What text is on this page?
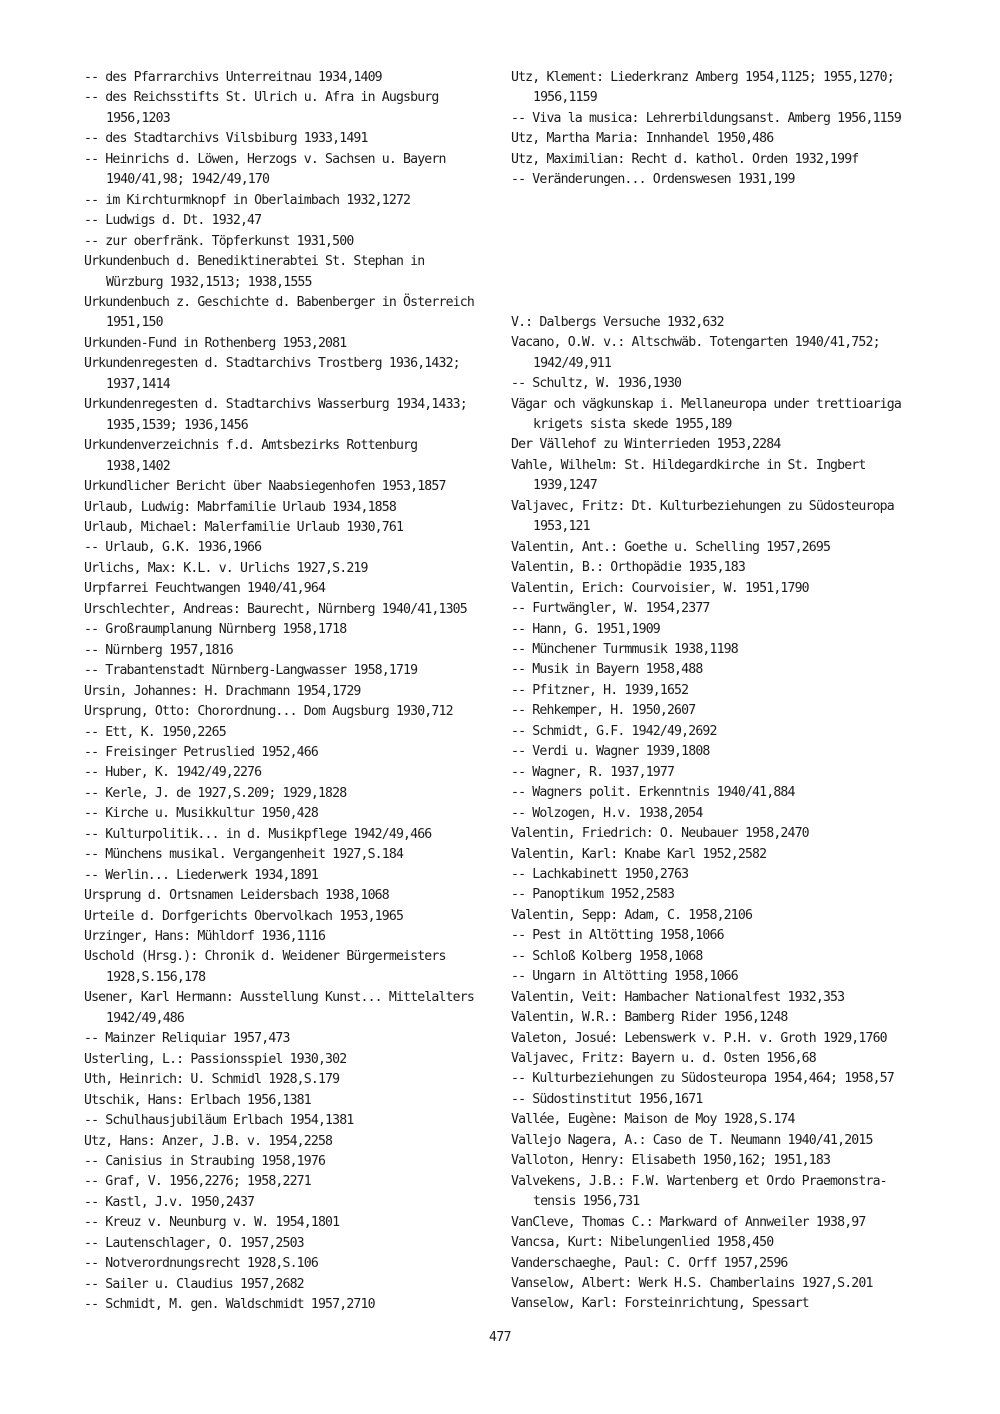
-- des Pfarrarchivs Unterreitnau 1934,1409
-- des Reichsstifts St. Ulrich u. Afra in Augsburg
1956,1203
-- des Stadtarchivs Vilsbiburg 1933,1491
-- Heinrichs d. Löwen, Herzogs v. Sachsen u. Bayern
1940/41,98; 1942/49,170
-- im Kirchturmknopf in Oberlaimbach 1932,1272
-- Ludwigs d. Dt. 1932,47
-- zur oberfränk. Töpferkunst 1931,500
Urkundenbuch d. Benediktinerabtei St. Stephan in
Würzburg 1932,1513; 1938,1555
Urkundenbuch z. Geschichte d. Babenberger in Österreich
1951,150
Urkunden-Fund in Rothenberg 1953,2081
Urkundenregesten d. Stadtarchivs Trostberg 1936,1432;
1937,1414
Urkundenregesten d. Stadtarchivs Wasserburg 1934,1433;
1935,1539; 1936,1456
Urkundenverzeichnis f.d. Amtsbezirks Rottenburg
1938,1402
Urkundlicher Bericht über Naabsiegenhofen 1953,1857
Urlaub, Ludwig: Mabrfamilie Urlaub 1934,1858
Urlaub, Michael: Malerfamilie Urlaub 1930,761
-- Urlaub, G.K. 1936,1966
Urlichs, Max: K.L. v. Urlichs 1927,S.219
Urpfarrei Feuchtwangen 1940/41,964
Urschlechter, Andreas: Baurecht, Nürnberg 1940/41,1305
-- Großraumplanung Nürnberg 1958,1718
-- Nürnberg 1957,1816
-- Trabantenstadt Nürnberg-Langwasser 1958,1719
Ursin, Johannes: H. Drachmann 1954,1729
Ursprung, Otto: Chorordnung... Dom Augsburg 1930,712
-- Ett, K. 1950,2265
-- Freisinger Petruslied 1952,466
-- Huber, K. 1942/49,2276
-- Kerle, J. de 1927,S.209; 1929,1828
-- Kirche u. Musikkultur 1950,428
-- Kulturpolitik... in d. Musikpflege 1942/49,466
-- Münchens musikal. Vergangenheit 1927,S.184
-- Werlin... Liederwerk 1934,1891
Ursprung d. Ortsnamen Leidersbach 1938,1068
Urteile d. Dorfgerichts Obervolkach 1953,1965
Urzinger, Hans: Mühldorf 1936,1116
Uschold (Hrsg.): Chronik d. Weidener Bürgermeisters
1928,S.156,178
Usener, Karl Hermann: Ausstellung Kunst... Mittelalters
1942/49,486
-- Mainzer Reliquiar 1957,473
Usterling, L.: Passionsspiel 1930,302
Uth, Heinrich: U. Schmidl 1928,S.179
Utschik, Hans: Erlbach 1956,1381
-- Schulhausjubiläum Erlbach 1954,1381
Utz, Hans: Anzer, J.B. v. 1954,2258
-- Canisius in Straubing 1958,1976
-- Graf, V. 1956,2276; 1958,2271
-- Kastl, J.v. 1950,2437
-- Kreuz v. Neunburg v. W. 1954,1801
-- Lautenschlager, O. 1957,2503
-- Notverordnungsrecht 1928,S.106
-- Sailer u. Claudius 1957,2682
-- Schmidt, M. gen. Waldschmidt 1957,2710
Utz, Klement: Liederkranz Amberg 1954,1125; 1955,1270;
1956,1159
-- Viva la musica: Lehrerbildungsanst. Amberg 1956,1159
Utz, Martha Maria: Innhandel 1950,486
Utz, Maximilian: Recht d. kathol. Orden 1932,199f
-- Veränderungen... Ordenswesen 1931,199
V.: Dalbergs Versuche 1932,632
Vacano, O.W. v.: Altschwäb. Totengarten 1940/41,752;
1942/49,911
-- Schultz, W. 1936,1930
Vägar och vägkunskap i. Mellaneuropa under trettioariga
krigets sista skede 1955,189
Der Vällehof zu Winterrieden 1953,2284
Vahle, Wilhelm: St. Hildegardkirche in St. Ingbert
1939,1247
Valjavec, Fritz: Dt. Kulturbeziehungen zu Südosteuropa
1953,121
Valentin, Ant.: Goethe u. Schelling 1957,2695
Valentin, B.: Orthopädie 1935,183
Valentin, Erich: Courvoisier, W. 1951,1790
-- Furtwängler, W. 1954,2377
-- Hann, G. 1951,1909
-- Münchener Turmmusik 1938,1198
-- Musik in Bayern 1958,488
-- Pfitzner, H. 1939,1652
-- Rehkemper, H. 1950,2607
-- Schmidt, G.F. 1942/49,2692
-- Verdi u. Wagner 1939,1808
-- Wagner, R. 1937,1977
-- Wagners polit. Erkenntnis 1940/41,884
-- Wolzogen, H.v. 1938,2054
Valentin, Friedrich: O. Neubauer 1958,2470
Valentin, Karl: Knabe Karl 1952,2582
-- Lachkabinett 1950,2763
-- Panoptikum 1952,2583
Valentin, Sepp: Adam, C. 1958,2106
-- Pest in Altötting 1958,1066
-- Schloß Kolberg 1958,1068
-- Ungarn in Altötting 1958,1066
Valentin, Veit: Hambacher Nationalfest 1932,353
Valentin, W.R.: Bamberg Rider 1956,1248
Valeton, Josué: Lebenswerk v. P.H. v. Groth 1929,1760
Valjavec, Fritz: Bayern u. d. Osten 1956,68
-- Kulturbeziehungen zu Südosteuropa 1954,464; 1958,57
-- Südostinstitut 1956,1671
Vallée, Eugène: Maison de Moy 1928,S.174
Vallejo Nagera, A.: Caso de T. Neumann 1940/41,2015
Valloton, Henry: Elisabeth 1950,162; 1951,183
Valvekens, J.B.: F.W. Wartenberg et Ordo Praemonstra-
tensis 1956,731
VanCleve, Thomas C.: Markward of Annweiler 1938,97
Vancsa, Kurt: Nibelungenlied 1958,450
Vanderschaeghe, Paul: C. Orff 1957,2596
Vanselow, Albert: Werk H.S. Chamberlains 1927,S.201
Vanselow, Karl: Forsteinrichtung, Spessart
477
